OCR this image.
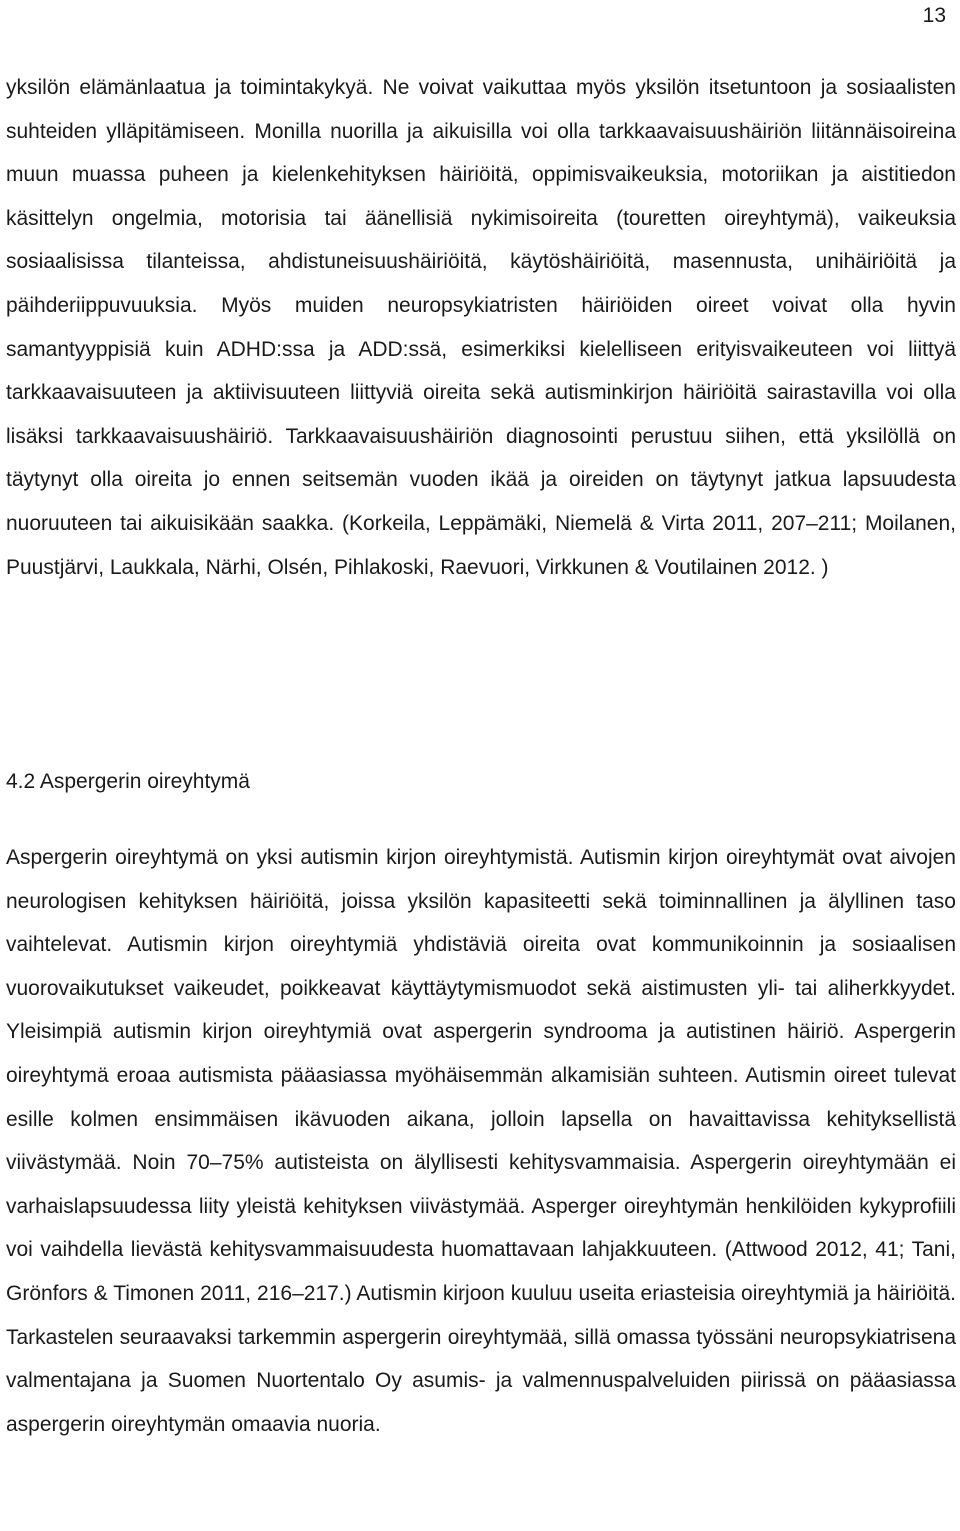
13

yksilön elämänlaatua ja toimintakykyä. Ne voivat vaikuttaa myös yksilön itsetuntoon ja sosiaalisten suhteiden ylläpitämiseen. Monilla nuorilla ja aikuisilla voi olla tarkkaavaisuushäiriön liitännäisoireina muun muassa puheen ja kielenkehityksen häiriöitä, oppimisvaikeuksia, motoriikan ja aistitiedon käsittelyn ongelmia, motorisia tai äänellisiä nykimisoireita (touretten oireyhtymä), vaikeuksia sosiaalisissa tilanteissa, ahdistuneisuushäiriöitä, käytöshäiriöitä, masennusta, unihäiriöitä ja päihderiippuvuuksia. Myös muiden neuropsykiatristen häiriöiden oireet voivat olla hyvin samantyyppisiä kuin ADHD:ssa ja ADD:ssä, esimerkiksi kielelliseen erityisvaikeuteen voi liittyä tarkkaavaisuuteen ja aktiivisuuteen liittyviä oireita sekä autisminkirjon häiriöitä sairastavilla voi olla lisäksi tarkkaavaisuushäiriö. Tarkkaavaisuushäiriön diagnosointi perustuu siihen, että yksilöllä on täytynyt olla oireita jo ennen seitsemän vuoden ikää ja oireiden on täytynyt jatkua lapsuudesta nuoruuteen tai aikuisikään saakka. (Korkeila, Leppämäki, Niemelä & Virta 2011, 207–211; Moilanen, Puustjärvi, Laukkala, Närhi, Olsén, Pihlakoski, Raevuori, Virkkunen & Voutilainen 2012. )

4.2 Aspergerin oireyhtymä

Aspergerin oireyhtymä on yksi autismin kirjon oireyhtymistä. Autismin kirjon oireyhtymät ovat aivojen neurologisen kehityksen häiriöitä, joissa yksilön kapasiteetti sekä toiminnallinen ja älyllinen taso vaihtelevat. Autismin kirjon oireyhtymiä yhdistäviä oireita ovat kommunikoinnin ja sosiaalisen vuorovaikutukset vaikeudet, poikkeavat käyttäytymismuodot sekä aistimusten yli- tai aliherkkyydet. Yleisimpiä autismin kirjon oireyhtymiä ovat aspergerin syndrooma ja autistinen häiriö. Aspergerin oireyhtymä eroaa autismista pääasiassa myöhäisemmän alkamisiän suhteen. Autismin oireet tulevat esille kolmen ensimmäisen ikävuoden aikana, jolloin lapsella on havaittavissa kehityksellistä viivästymää. Noin 70–75% autisteista on älyllisesti kehitysvammaisia. Aspergerin oireyhtymään ei varhaislapsuudessa liity yleistä kehityksen viivästymää. Asperger oireyhtymän henkilöiden kykyprofiili voi vaihdella lievästä kehitysvammaisuudesta huomattavaan lahjakkuuteen. (Attwood 2012, 41; Tani, Grönfors & Timonen 2011, 216–217.) Autismin kirjoon kuuluu useita eriasteisia oireyhtymiä ja häiriöitä. Tarkastelen seuraavaksi tarkemmin aspergerin oireyhtymää, sillä omassa työssäni neuropsykiatrisena valmentajana ja Suomen Nuortentalo Oy asumis- ja valmennuspalveluiden piirissä on pääasiassa aspergerin oireyhtymän omaavia nuoria.
